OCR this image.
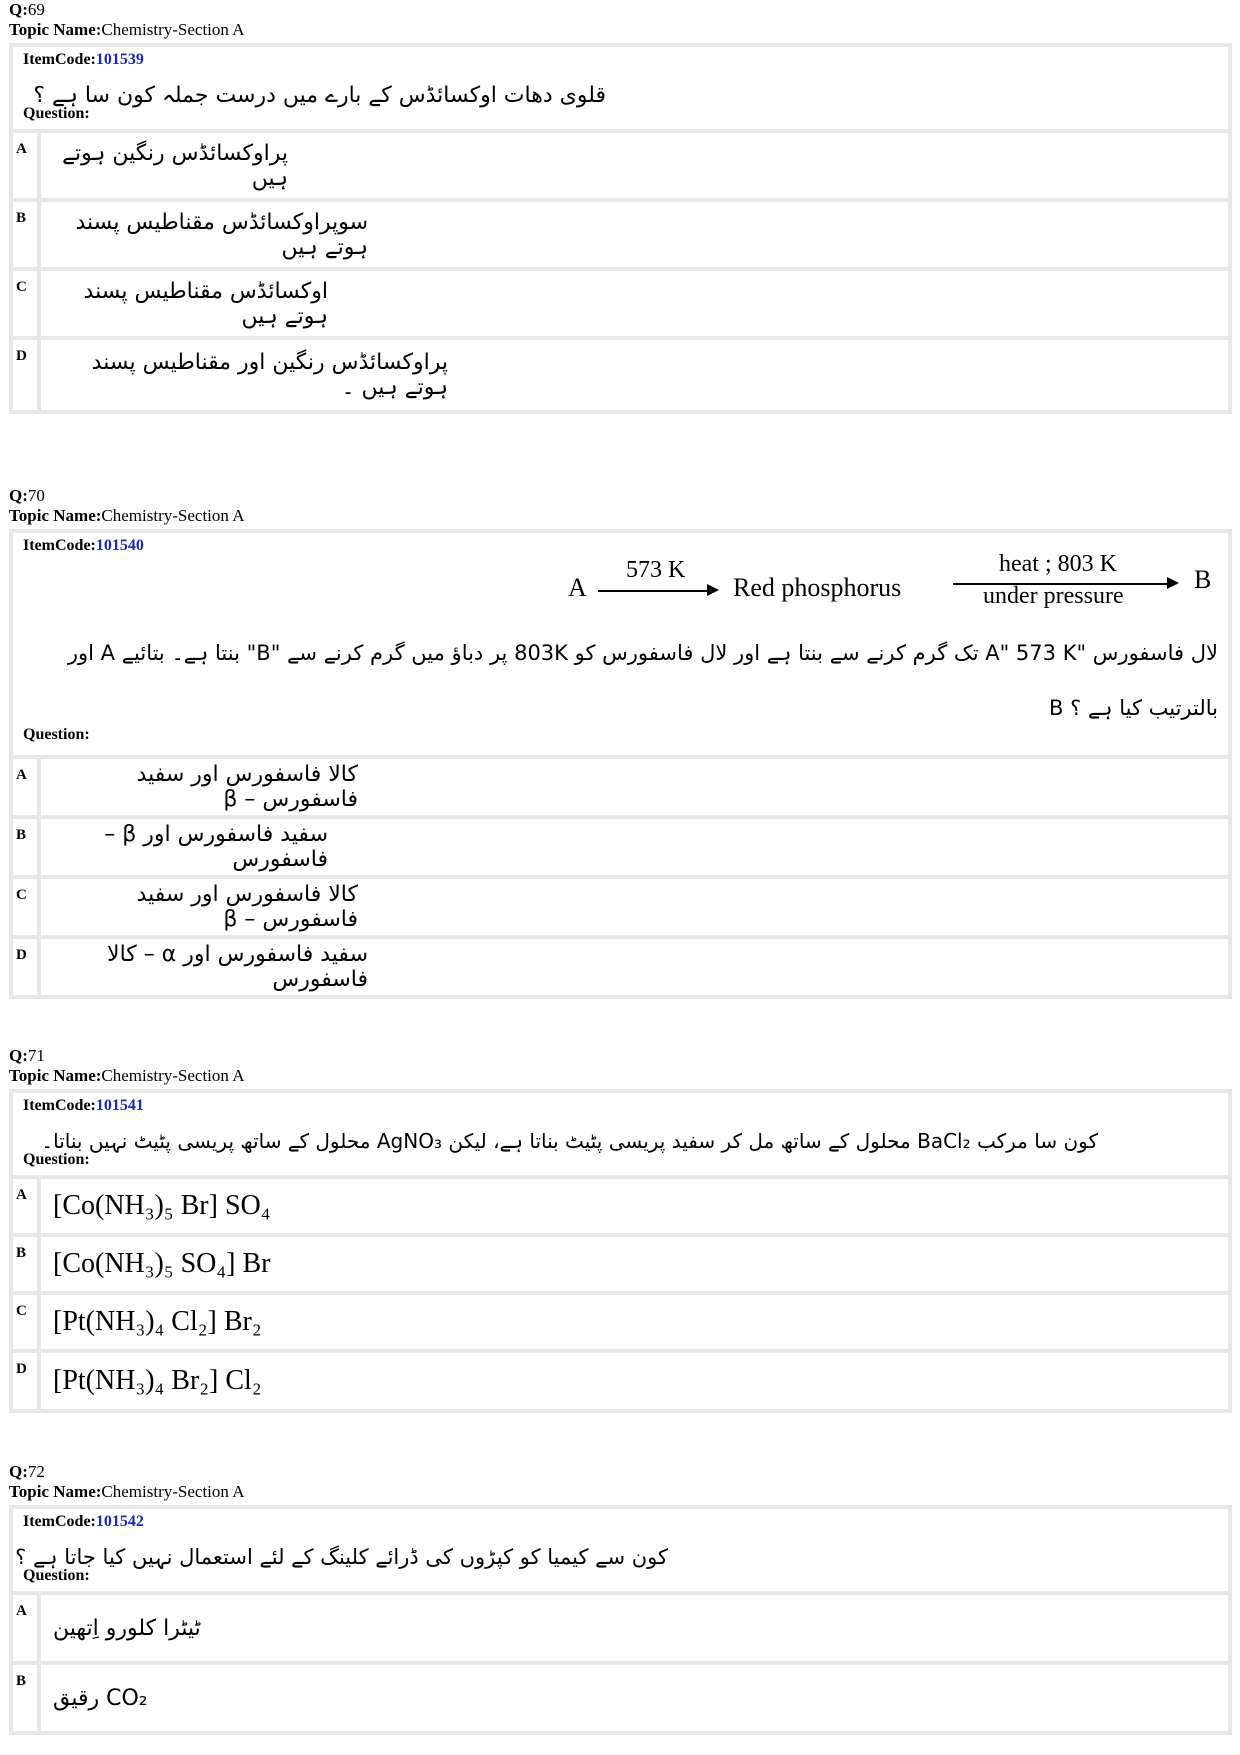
Q:69
Topic Name:Chemistry-Section A
ItemCode:101539
قلوی دھات اوکسائڈس کے بارے میں درست جملہ کون سا ہے ؟
Question:
A	پراوکسائڈس رنگین ہوتے ہیں
B	سوپراوکسائڈس مقناطیس پسند ہوتے ہیں
C	اوکسائڈس مقناطیس پسند ہوتے ہیں
D	پراوکسائڈس رنگین اور مقناطیس پسند ہوتے ہیں ۔
Q:70
Topic Name:Chemistry-Section A
ItemCode:101540
A
573 K
Red phosphorus
heat ; 803 K
under pressure
B
لال فاسفورس "A" 573 K تک گرم کرنے سے بنتا ہے اور لال فاسفورس کو 803K پر دباؤ میں گرم کرنے سے "B" بنتا ہے۔ بتائیے A اور
B بالترتیب کیا ہے ؟
Question:
A	کالا فاسفورس اور سفید فاسفورس – β
B	سفید فاسفورس اور β – فاسفورس
C	کالا فاسفورس اور سفید فاسفورس – β
D	سفید فاسفورس اور α – کالا فاسفورس
Q:71
Topic Name:Chemistry-Section A
ItemCode:101541
کون سا مرکب BaCl₂ محلول کے ساتھ مل کر سفید پریسی پٹیٹ بناتا ہے، لیکن AgNO₃ محلول کے ساتھ پریسی پٹیٹ نہیں بناتا۔
Question:
A [Co(NH₃)₅ Br] SO₄
B [Co(NH₃)₅ SO₄] Br
C [Pt(NH₃)₄ Cl₂] Br₂
D [Pt(NH₃)₄ Br₂] Cl₂
Q:72
Topic Name:Chemistry-Section A
ItemCode:101542
کون سے کیمیا کو کپڑوں کی ڈرائے کلینگ کے لئے استعمال نہیں کیا جاتا ہے ؟
Question:
A
ٹیٹرا کلورو اِتھین
B
CO₂ رقیق
